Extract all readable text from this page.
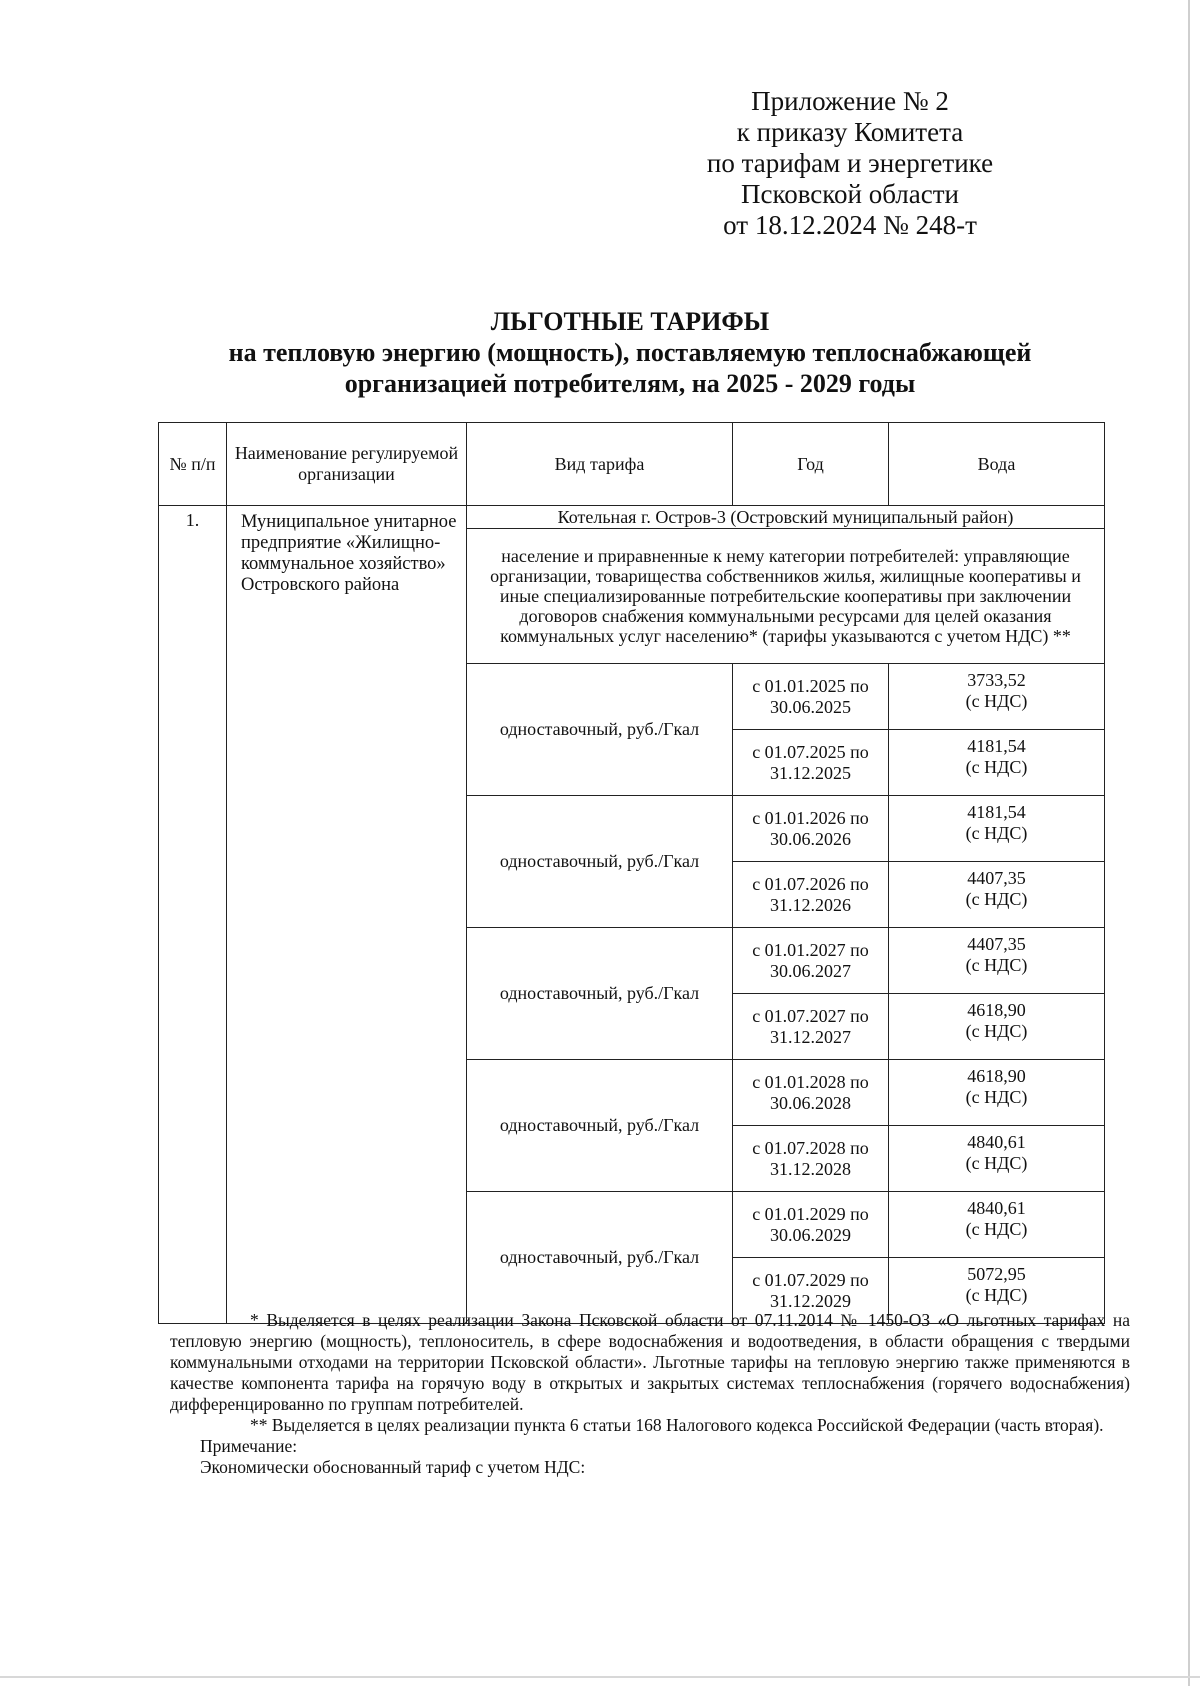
Приложение № 2
к приказу Комитета
по тарифам и энергетике
Псковской области
от 18.12.2024 № 248-т
ЛЬГОТНЫЕ ТАРИФЫ
на тепловую энергию (мощность), поставляемую теплоснабжающей
организацией потребителям, на 2025 - 2029 годы
№ п/п	Наименование регулируемой организации	Вид тарифа	Год	Вода
1.	Муниципальное унитарное предприятие «Жилищно-коммунальное хозяйство» Островского района	Котельная г. Остров-3 (Островский муниципальный район)		
		население и приравненные к нему категории потребителей: управляющие организации, товарищества собственников жилья, жилищные кооперативы и иные специализированные потребительские кооперативы при заключении договоров снабжения коммунальными ресурсами для целей оказания коммунальных услуг населению* (тарифы указываются с учетом НДС) **		
		одноставочный, руб./Гкал	с 01.01.2025 по 30.06.2025	3733,52
(с НДС)
			с 01.07.2025 по 31.12.2025	4181,54
(с НДС)
		одноставочный, руб./Гкал	с 01.01.2026 по 30.06.2026	4181,54
(с НДС)
			с 01.07.2026 по 31.12.2026	4407,35
(с НДС)
		одноставочный, руб./Гкал	с 01.01.2027 по 30.06.2027	4407,35
(с НДС)
			с 01.07.2027 по 31.12.2027	4618,90
(с НДС)
		одноставочный, руб./Гкал	с 01.01.2028 по 30.06.2028	4618,90
(с НДС)
			с 01.07.2028 по 31.12.2028	4840,61
(с НДС)
		одноставочный, руб./Гкал	с 01.01.2029 по 30.06.2029	4840,61
(с НДС)
			с 01.07.2029 по 31.12.2029	5072,95
(с НДС)

* Выделяется в целях реализации Закона Псковской области от 07.11.2014 № 1450-ОЗ «О льготных тарифах на тепловую энергию (мощность), теплоноситель, в сфере водоснабжения и водоотведения, в области обращения с твердыми коммунальными отходами на территории Псковской области». Льготные тарифы на тепловую энергию также применяются в качестве компонента тарифа на горячую воду в открытых и закрытых системах теплоснабжения (горячего водоснабжения) дифференцированно по группам потребителей.

** Выделяется в целях реализации пункта 6 статьи 168 Налогового кодекса Российской Федерации (часть вторая).

Примечание:

Экономически обоснованный тариф с учетом НДС:
